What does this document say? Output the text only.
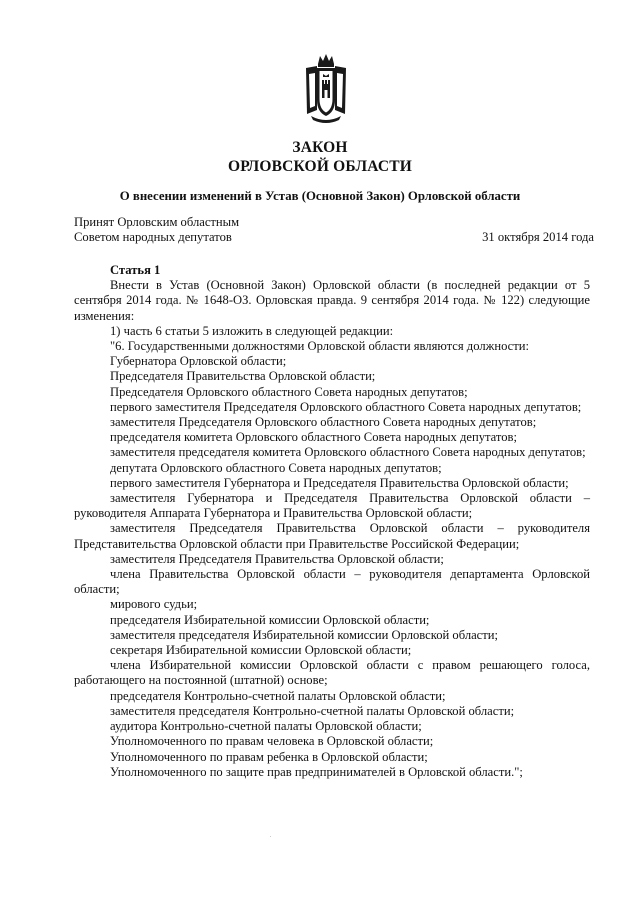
ЗАКОН
ОРЛОВСКОЙ ОБЛАСТИ
О внесении изменений в Устав (Основной Закон) Орловской области
Принят Орловским областным
Советом народных депутатов	31 октября 2014 года

Статья 1

Внести в Устав (Основной Закон) Орловской области (в последней редакции от 5 сентября 2014 года. № 1648-ОЗ. Орловская правда. 9 сентября 2014 года. № 122) следующие изменения:

1) часть 6 статьи 5 изложить в следующей редакции:

"6. Государственными должностями Орловской области являются должности:

Губернатора Орловской области;

Председателя Правительства Орловской области;

Председателя Орловского областного Совета народных депутатов;

первого заместителя Председателя Орловского областного Совета народных депутатов;

заместителя Председателя Орловского областного Совета народных депутатов;

председателя комитета Орловского областного Совета народных депутатов;

заместителя председателя комитета Орловского областного Совета народных депутатов;

депутата Орловского областного Совета народных депутатов;

первого заместителя Губернатора и Председателя Правительства Орловской области;

заместителя Губернатора и Председателя Правительства Орловской области – руководителя Аппарата Губернатора и Правительства Орловской области;

заместителя Председателя Правительства Орловской области – руководителя Представительства Орловской области при Правительстве Российской Федерации;

заместителя Председателя Правительства Орловской области;

члена Правительства Орловской области – руководителя департамента Орловской области;

мирового судьи;

председателя Избирательной комиссии Орловской области;

заместителя председателя Избирательной комиссии Орловской области;

секретаря Избирательной комиссии Орловской области;

члена Избирательной комиссии Орловской области с правом решающего голоса, работающего на постоянной (штатной) основе;

председателя Контрольно-счетной палаты Орловской области;

заместителя председателя Контрольно-счетной палаты Орловской области;

аудитора Контрольно-счетной палаты Орловской области;

Уполномоченного по правам человека в Орловской области;

Уполномоченного по правам ребенка в Орловской области;

Уполномоченного по защите прав предпринимателей в Орловской области.";
